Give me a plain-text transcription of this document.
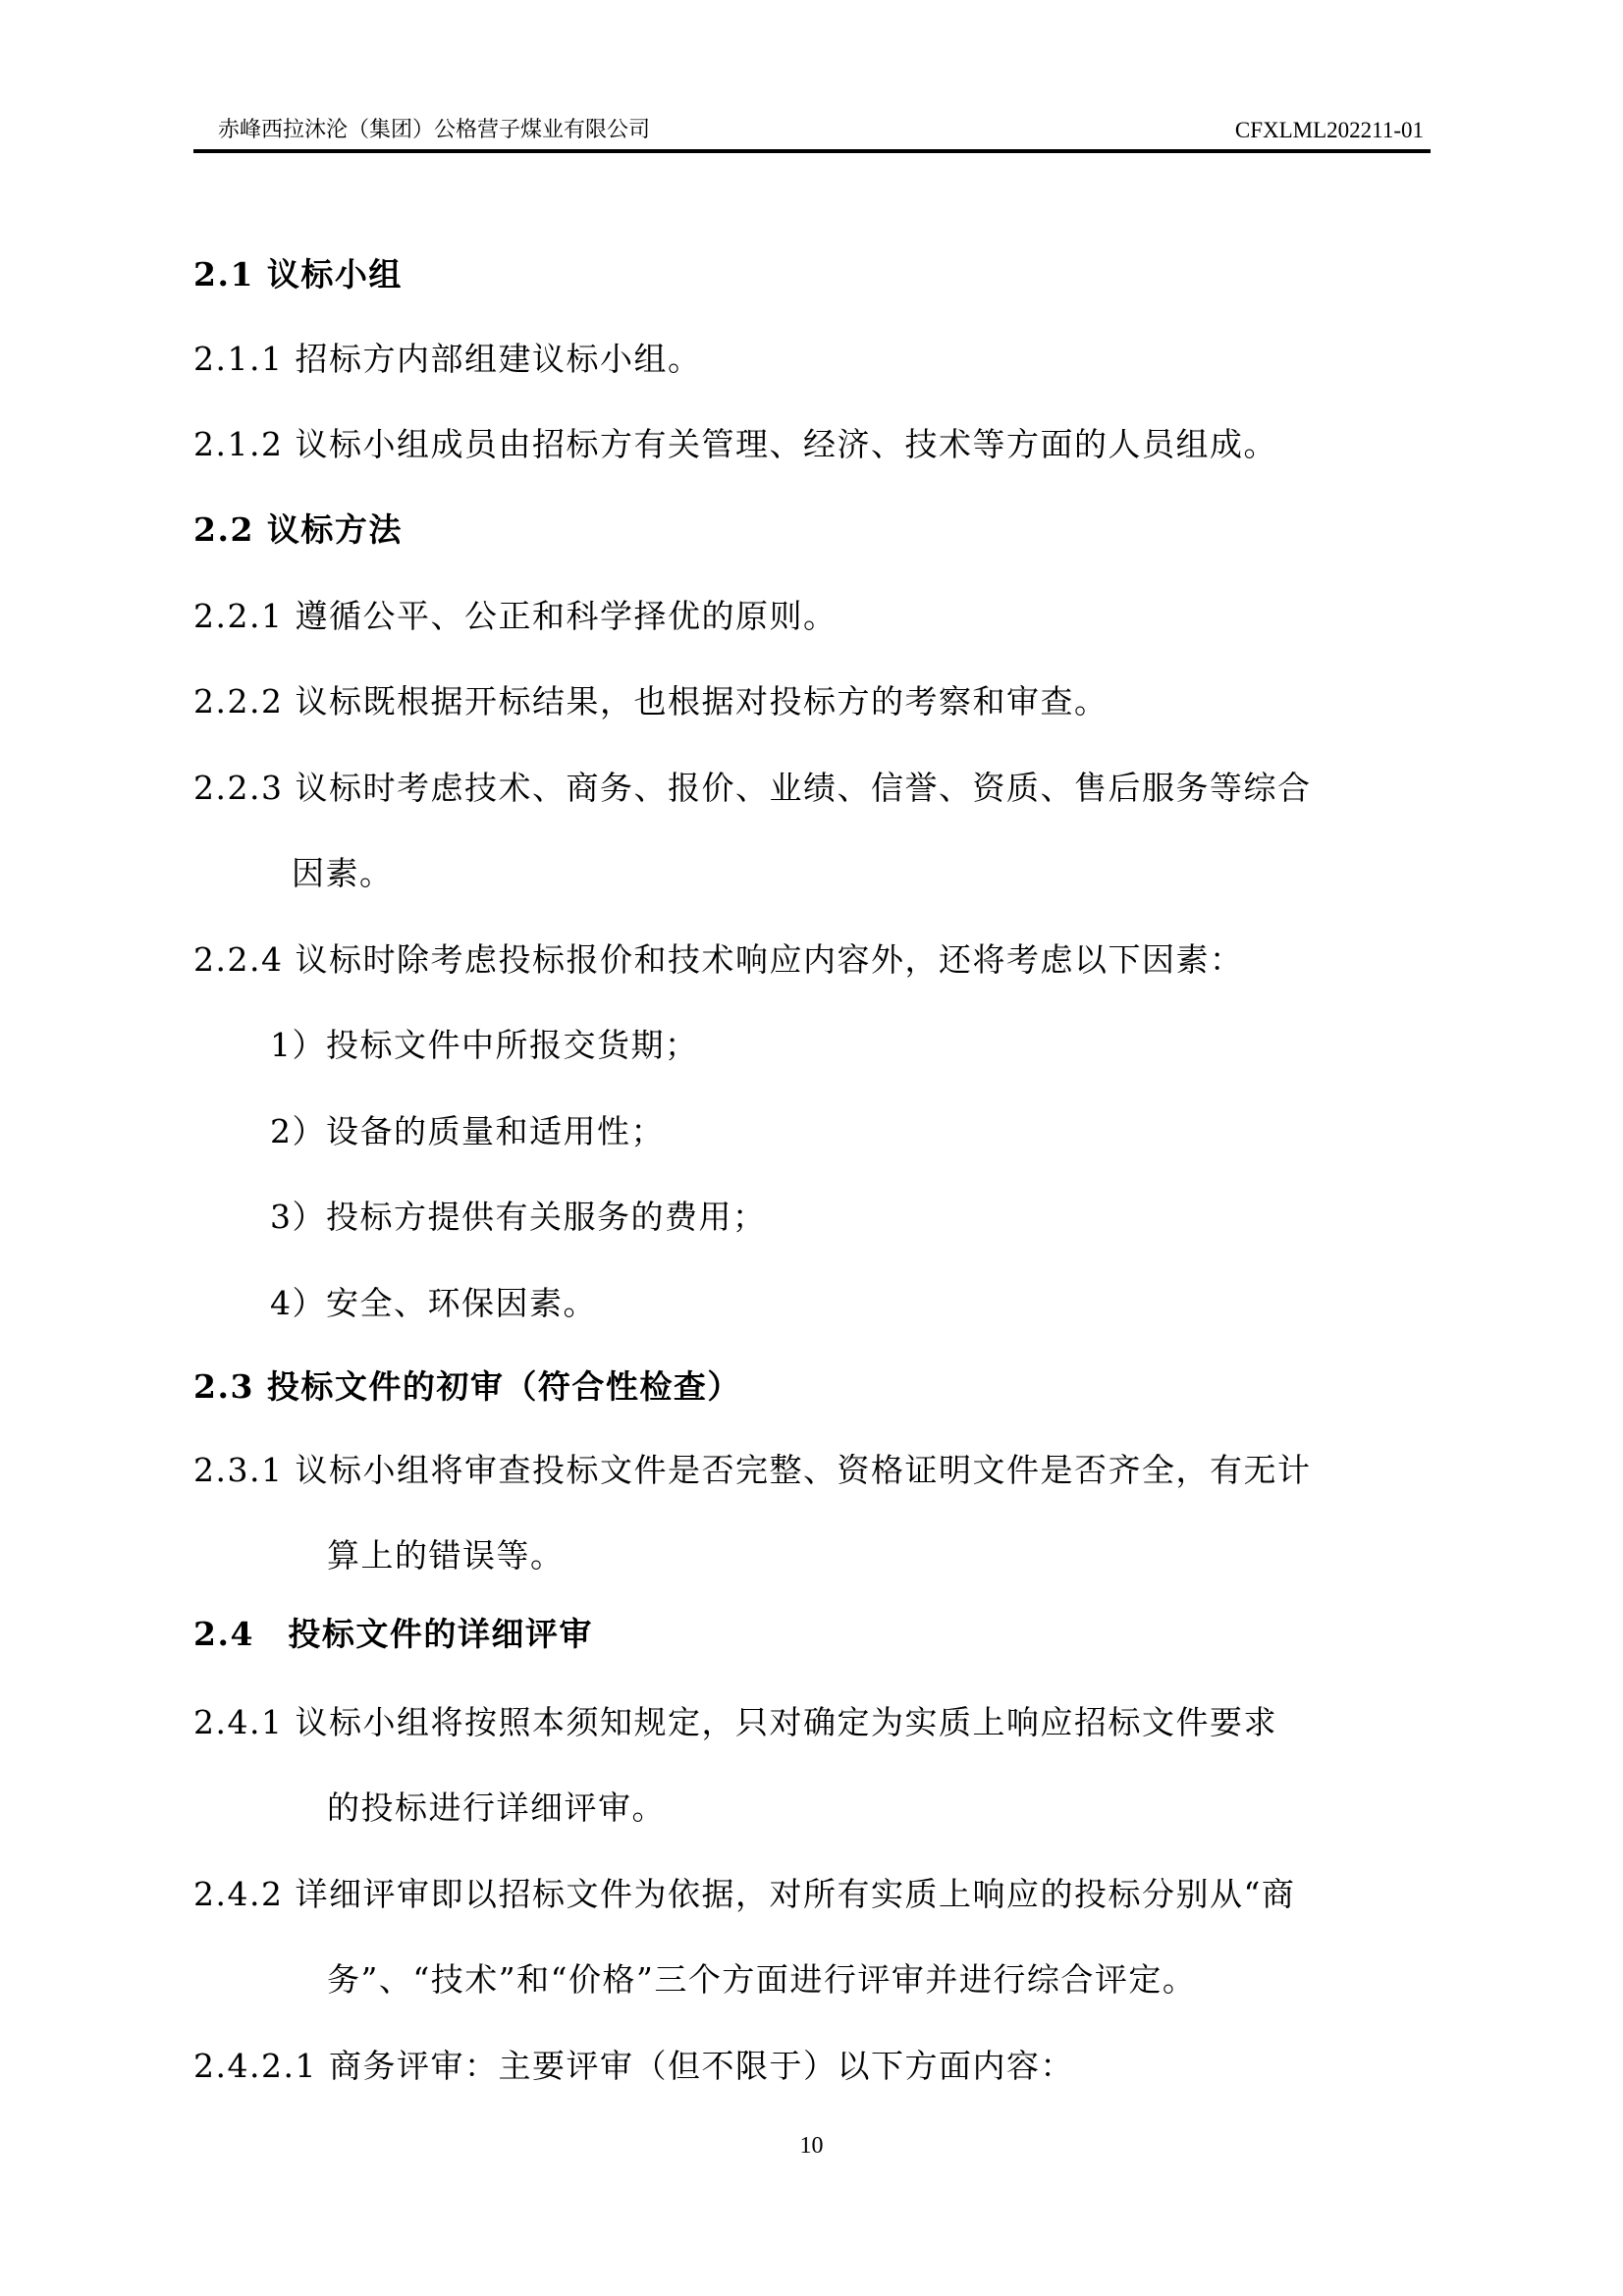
赤峰西拉沐沦（集团）公格营子煤业有限公司	CFXLML202211-01
2.1 议标小组
2.1.1 招标方内部组建议标小组。
2.1.2 议标小组成员由招标方有关管理、经济、技术等方面的人员组成。
2.2 议标方法
2.2.1 遵循公平、公正和科学择优的原则。
2.2.2 议标既根据开标结果，也根据对投标方的考察和审查。
2.2.3 议标时考虑技术、商务、报价、业绩、信誉、资质、售后服务等综合
因素。
2.2.4 议标时除考虑投标报价和技术响应内容外，还将考虑以下因素：
1）投标文件中所报交货期；
2）设备的质量和适用性；
3）投标方提供有关服务的费用；
4）安全、环保因素。
2.3 投标文件的初审（符合性检查）
2.3.1 议标小组将审查投标文件是否完整、资格证明文件是否齐全，有无计
算上的错误等。
2.4　投标文件的详细评审
2.4.1 议标小组将按照本须知规定，只对确定为实质上响应招标文件要求
的投标进行详细评审。
2.4.2 详细评审即以招标文件为依据，对所有实质上响应的投标分别从“商
务”、“技术”和“价格”三个方面进行评审并进行综合评定。
2.4.2.1 商务评审：主要评审（但不限于）以下方面内容：
10
